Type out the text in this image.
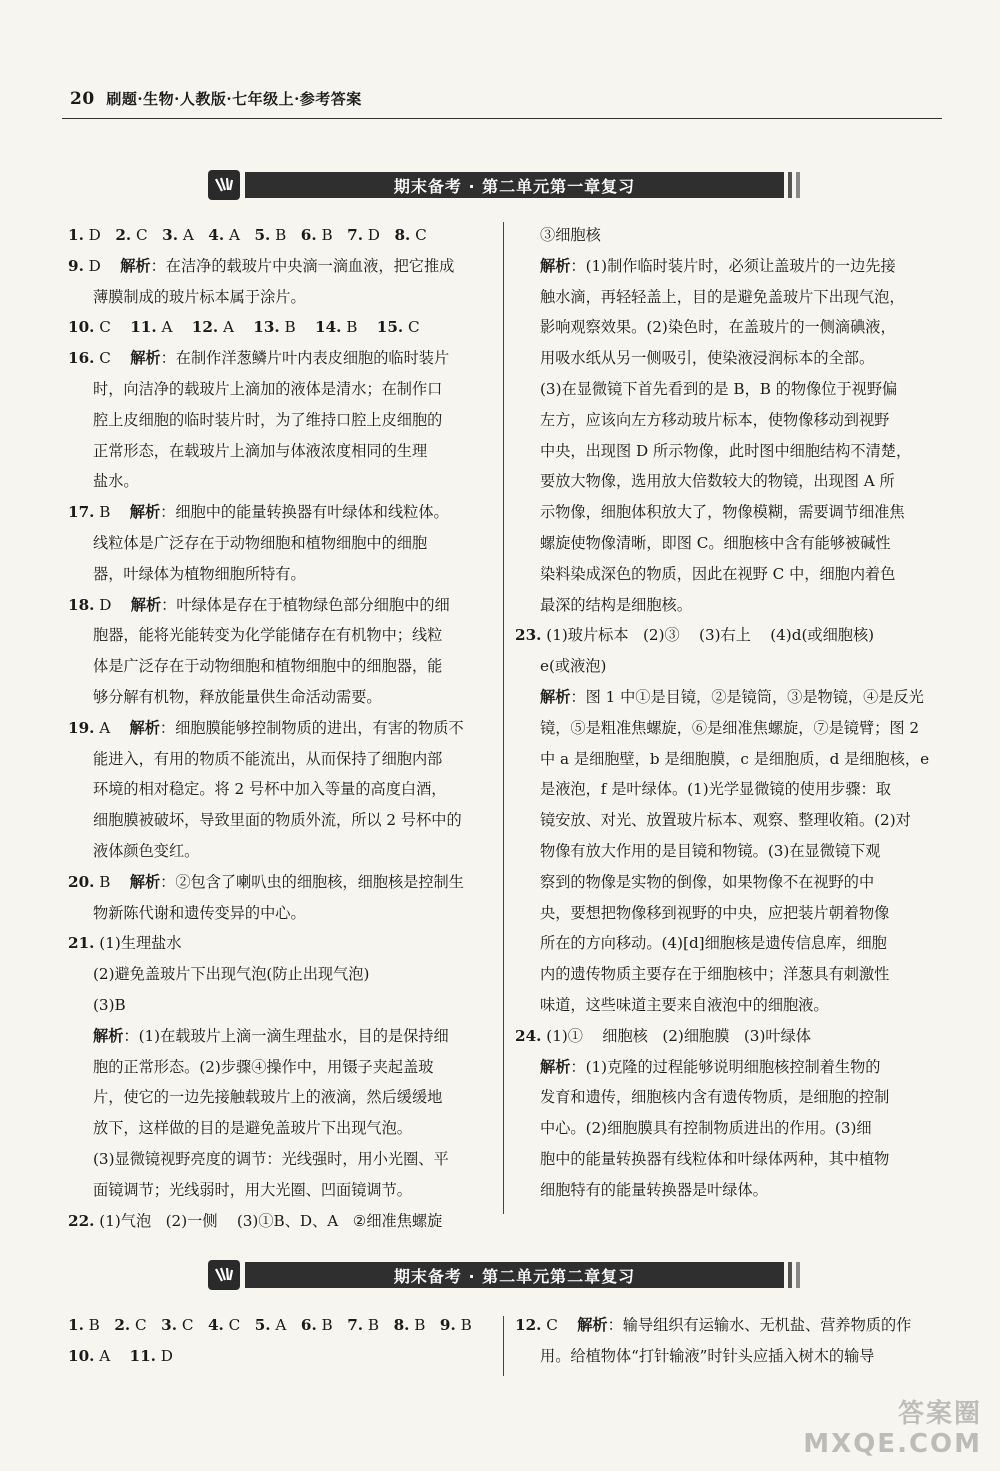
20 刷题·生物·人教版·七年级上·参考答案
期末备考 · 第二单元第一章复习

1. D   2. C   3. A   4. A   5. B   6. B   7. D   8. C

9. D    解析：在洁净的载玻片中央滴一滴血液，把它推成

薄膜制成的玻片标本属于涂片。

10. C    11. A    12. A    13. B    14. B    15. C

16. C    解析：在制作洋葱鳞片叶内表皮细胞的临时装片

时，向洁净的载玻片上滴加的液体是清水；在制作口

腔上皮细胞的临时装片时，为了维持口腔上皮细胞的

正常形态，在载玻片上滴加与体液浓度相同的生理

盐水。

17. B    解析：细胞中的能量转换器有叶绿体和线粒体。

线粒体是广泛存在于动物细胞和植物细胞中的细胞

器，叶绿体为植物细胞所特有。

18. D    解析：叶绿体是存在于植物绿色部分细胞中的细

胞器，能将光能转变为化学能储存在有机物中；线粒

体是广泛存在于动物细胞和植物细胞中的细胞器，能

够分解有机物，释放能量供生命活动需要。

19. A    解析：细胞膜能够控制物质的进出，有害的物质不

能进入，有用的物质不能流出，从而保持了细胞内部

环境的相对稳定。将 2 号杯中加入等量的高度白酒，

细胞膜被破坏，导致里面的物质外流，所以 2 号杯中的

液体颜色变红。

20. B    解析：②包含了喇叭虫的细胞核，细胞核是控制生

物新陈代谢和遗传变异的中心。

21. (1)生理盐水

(2)避免盖玻片下出现气泡(防止出现气泡)

(3)B

解析：(1)在载玻片上滴一滴生理盐水，目的是保持细

胞的正常形态。(2)步骤④操作中，用镊子夹起盖玻

片，使它的一边先接触载玻片上的液滴，然后缓缓地

放下，这样做的目的是避免盖玻片下出现气泡。

(3)显微镜视野亮度的调节：光线强时，用小光圈、平

面镜调节；光线弱时，用大光圈、凹面镜调节。

22. (1)气泡   (2)一侧    (3)①B、D、A   ②细准焦螺旋

③细胞核

解析：(1)制作临时装片时，必须让盖玻片的一边先接

触水滴，再轻轻盖上，目的是避免盖玻片下出现气泡，

影响观察效果。(2)染色时，在盖玻片的一侧滴碘液，

用吸水纸从另一侧吸引，使染液浸润标本的全部。

(3)在显微镜下首先看到的是 B，B 的物像位于视野偏

左方，应该向左方移动玻片标本，使物像移动到视野

中央，出现图 D 所示物像，此时图中细胞结构不清楚，

要放大物像，选用放大倍数较大的物镜，出现图 A 所

示物像，细胞体积放大了，物像模糊，需要调节细准焦

螺旋使物像清晰，即图 C。细胞核中含有能够被碱性

染料染成深色的物质，因此在视野 C 中，细胞内着色

最深的结构是细胞核。

23. (1)玻片标本   (2)③    (3)右上    (4)d(或细胞核)

e(或液泡)

解析：图 1 中①是目镜，②是镜筒，③是物镜，④是反光

镜，⑤是粗准焦螺旋，⑥是细准焦螺旋，⑦是镜臂；图 2

中 a 是细胞壁，b 是细胞膜，c 是细胞质，d 是细胞核，e

是液泡，f 是叶绿体。(1)光学显微镜的使用步骤：取

镜安放、对光、放置玻片标本、观察、整理收箱。(2)对

物像有放大作用的是目镜和物镜。(3)在显微镜下观

察到的物像是实物的倒像，如果物像不在视野的中

央，要想把物像移到视野的中央，应把装片朝着物像

所在的方向移动。(4)[d]细胞核是遗传信息库，细胞

内的遗传物质主要存在于细胞核中；洋葱具有刺激性

味道，这些味道主要来自液泡中的细胞液。

24. (1)①    细胞核   (2)细胞膜   (3)叶绿体

解析：(1)克隆的过程能够说明细胞核控制着生物的

发育和遗传，细胞核内含有遗传物质，是细胞的控制

中心。(2)细胞膜具有控制物质进出的作用。(3)细

胞中的能量转换器有线粒体和叶绿体两种，其中植物

细胞特有的能量转换器是叶绿体。

期末备考 · 第二单元第二章复习

1. B   2. C   3. C   4. C   5. A   6. B   7. B   8. B   9. B

10. A    11. D

12. C    解析：输导组织有运输水、无机盐、营养物质的作

用。给植物体“打针输液”时针头应插入树木的输导

答案圈
MXQE.COM
